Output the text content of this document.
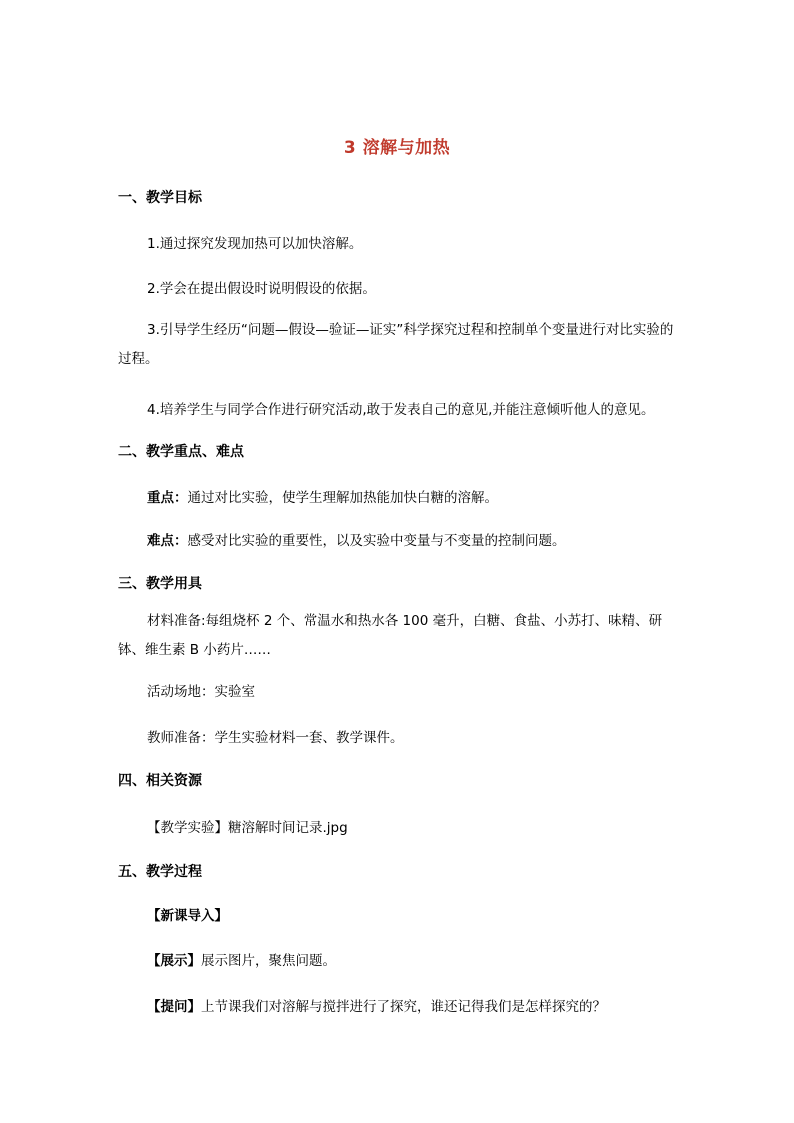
3 溶解与加热
一、教学目标
1.通过探究发现加热可以加快溶解。
2.学会在提出假设时说明假设的依据。
3.引导学生经历“问题—假设—验证—证实”科学探究过程和控制单个变量进行对比实验的过程。
4.培养学生与同学合作进行研究活动,敢于发表自己的意见,并能注意倾听他人的意见。
二、教学重点、难点
重点：通过对比实验，使学生理解加热能加快白糖的溶解。
难点：感受对比实验的重要性，以及实验中变量与不变量的控制问题。
三、教学用具
材料准备:每组烧杯 2 个、常温水和热水各 100 毫升，白糖、食盐、小苏打、味精、研钵、维生素 B 小药片……
活动场地：实验室
教师准备：学生实验材料一套、教学课件。
四、相关资源
【教学实验】糖溶解时间记录.jpg
五、教学过程
【新课导入】
【展示】展示图片，聚焦问题。
【提问】上节课我们对溶解与搅拌进行了探究，谁还记得我们是怎样探究的？
